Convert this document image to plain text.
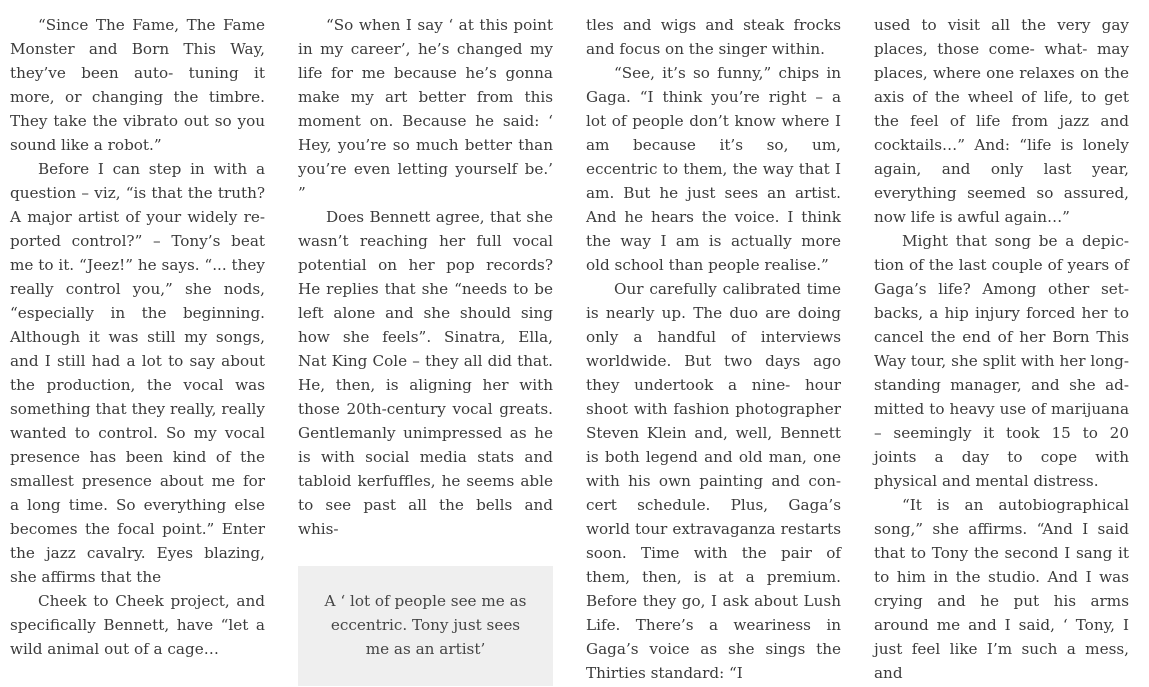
“Since The Fame, The Fame Monster and Born This Way, they’ve been auto- tuning it more, or changing the timbre. They take the vibrato out so you sound like a robot.”

Before I can step in with a question – viz, “is that the truth? A major artist of your widely reported control?” – Tony’s beat me to it. “Jeez!” he says. “... they really control you,” she nods, “especially in the beginning. Although it was still my songs, and I still had a lot to say about the production, the vocal was something that they really, really wanted to control. So my vocal presence has been kind of the smallest presence about me for a long time. So everything else becomes the focal point.” Enter the jazz cavalry. Eyes blazing, she affirms that the

Cheek to Cheek project, and specifically Bennett, have “let a wild animal out of a cage…

“So when I say ‘ at this point in my career’, he’s changed my life for me because he’s gonna make my art better from this moment on. Because he said: ‘ Hey, you’re so much better than you’re even letting yourself be.’ ”

Does Bennett agree, that she wasn’t reaching her full vocal potential on her pop records? He replies that she “needs to be left alone and she should sing how she feels”. Sinatra, Ella, Nat King Cole – they all did that. He, then, is aligning her with those 20th-century vocal greats. Gentlemanly unimpressed as he is with social media stats and tabloid kerfuffles, he seems able to see past all the bells and whis-

A ‘ lot of people see me as eccentric. Tony just sees me as an artist’

tles and wigs and steak frocks and focus on the singer within.

“See, it’s so funny,” chips in Gaga. “I think you’re right – a lot of people don’t know where I am because it’s so, um, eccentric to them, the way that I am. But he just sees an artist. And he hears the voice. I think the way I am is actually more old school than people realise.”

Our carefully calibrated time is nearly up. The duo are doing only a handful of interviews worldwide. But two days ago they undertook a nine- hour shoot with fashion photographer Steven Klein and, well, Bennett is both legend and old man, one with his own painting and concert schedule. Plus, Gaga’s world tour extravaganza restarts soon. Time with the pair of them, then, is at a premium. Before they go, I ask about Lush Life. There’s a weariness in Gaga’s voice as she sings the Thirties standard: “I

used to visit all the very gay places, those come- what- may places, where one relaxes on the axis of the wheel of life, to get the feel of life from jazz and cocktails…” And: “life is lonely again, and only last year, everything seemed so assured, now life is awful again…”

Might that song be a depiction of the last couple of years of Gaga’s life? Among other setbacks, a hip injury forced her to cancel the end of her Born This Way tour, she split with her long-standing manager, and she admitted to heavy use of marijuana – seemingly it took 15 to 20 joints a day to cope with physical and mental distress.

“It is an autobiographical song,” she affirms. “And I said that to Tony the second I sang it to him in the studio. And I was crying and he put his arms around me and I said, ‘ Tony, I just feel like I’m such a mess, and
